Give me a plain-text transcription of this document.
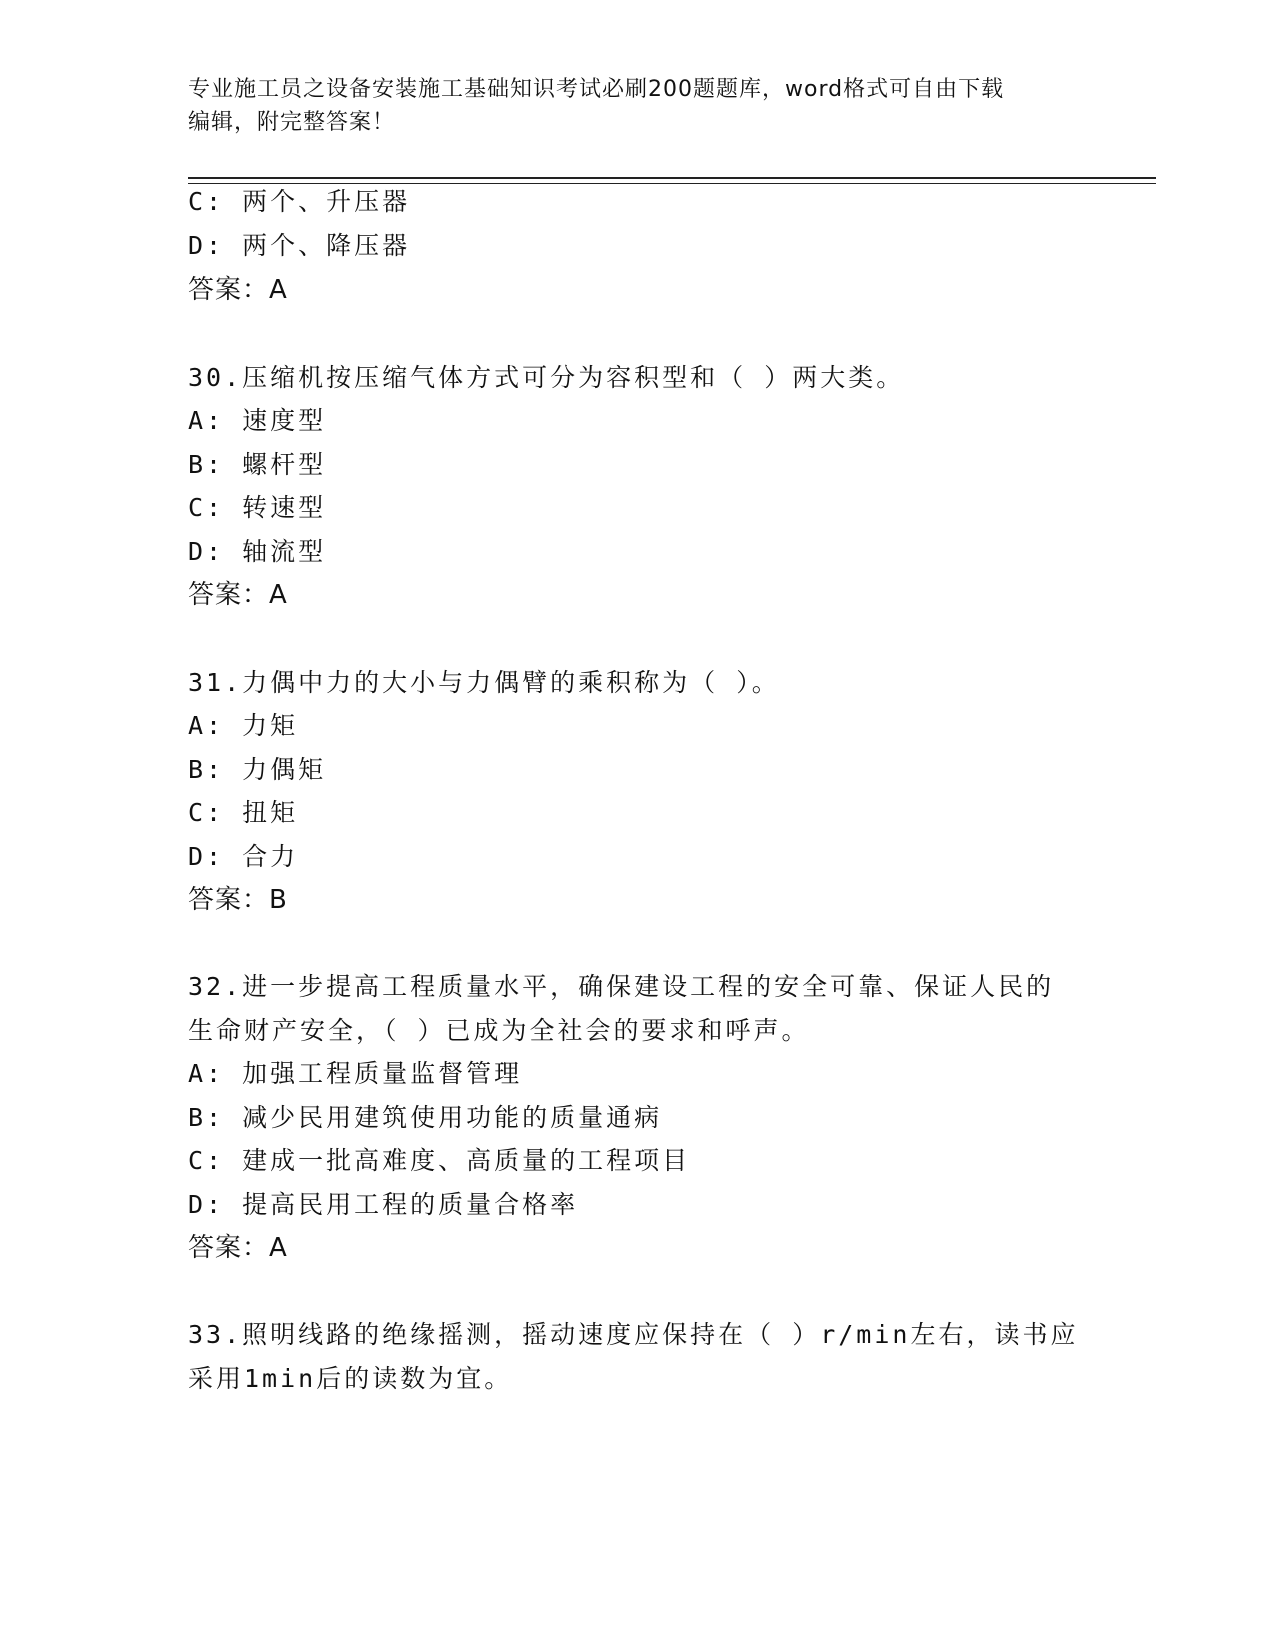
专业施工员之设备安装施工基础知识考试必刷200题题库，word格式可自由下载
编辑，附完整答案！
C: 两个、升压器
D: 两个、降压器
答案：A
30.压缩机按压缩气体方式可分为容积型和（ ）两大类。
A: 速度型
B: 螺杆型
C: 转速型
D: 轴流型
答案：A
31.力偶中力的大小与力偶臂的乘积称为（ ）。
A: 力矩
B: 力偶矩
C: 扭矩
D: 合力
答案：B
32.进一步提高工程质量水平，确保建设工程的安全可靠、保证人民的
生命财产安全，（ ）已成为全社会的要求和呼声。
A: 加强工程质量监督管理
B: 减少民用建筑使用功能的质量通病
C: 建成一批高难度、高质量的工程项目
D: 提高民用工程的质量合格率
答案：A
33.照明线路的绝缘摇测，摇动速度应保持在（ ）r/min左右，读书应
采用1min后的读数为宜。
